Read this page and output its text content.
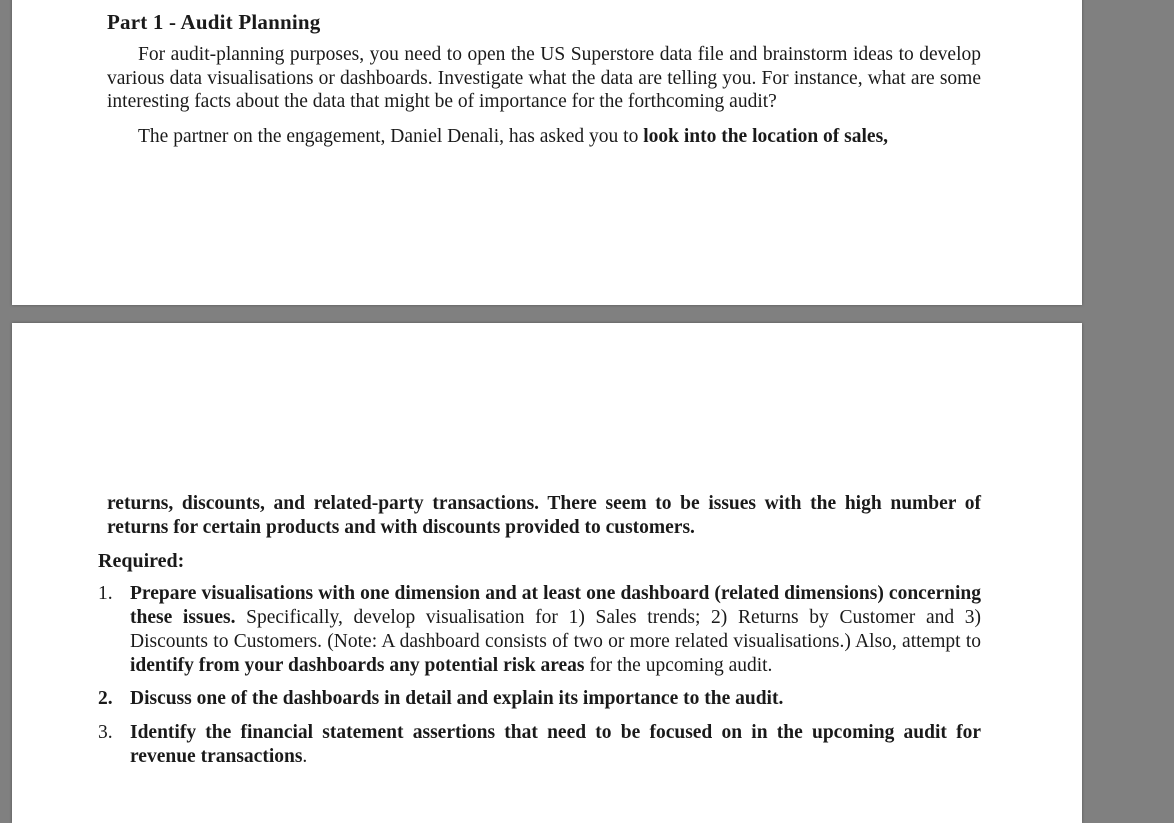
Part 1 - Audit Planning

For audit-planning purposes, you need to open the US Superstore data file and brainstorm ideas to develop various data visualisations or dashboards. Investigate what the data are telling you. For instance, what are some interesting facts about the data that might be of importance for the forthcoming audit?

The partner on the engagement, Daniel Denali, has asked you to look into the location of sales,

returns, discounts, and related-party transactions. There seem to be issues with the high number of returns for certain products and with discounts provided to customers.

Required:

1. Prepare visualisations with one dimension and at least one dashboard (related dimensions) concerning these issues. Specifically, develop visualisation for 1) Sales trends; 2) Returns by Customer and 3) Discounts to Customers. (Note: A dashboard consists of two or more related visualisations.) Also, attempt to identify from your dashboards any potential risk areas for the upcoming audit.
2. Discuss one of the dashboards in detail and explain its importance to the audit.
3. Identify the financial statement assertions that need to be focused on in the upcoming audit for revenue transactions.
